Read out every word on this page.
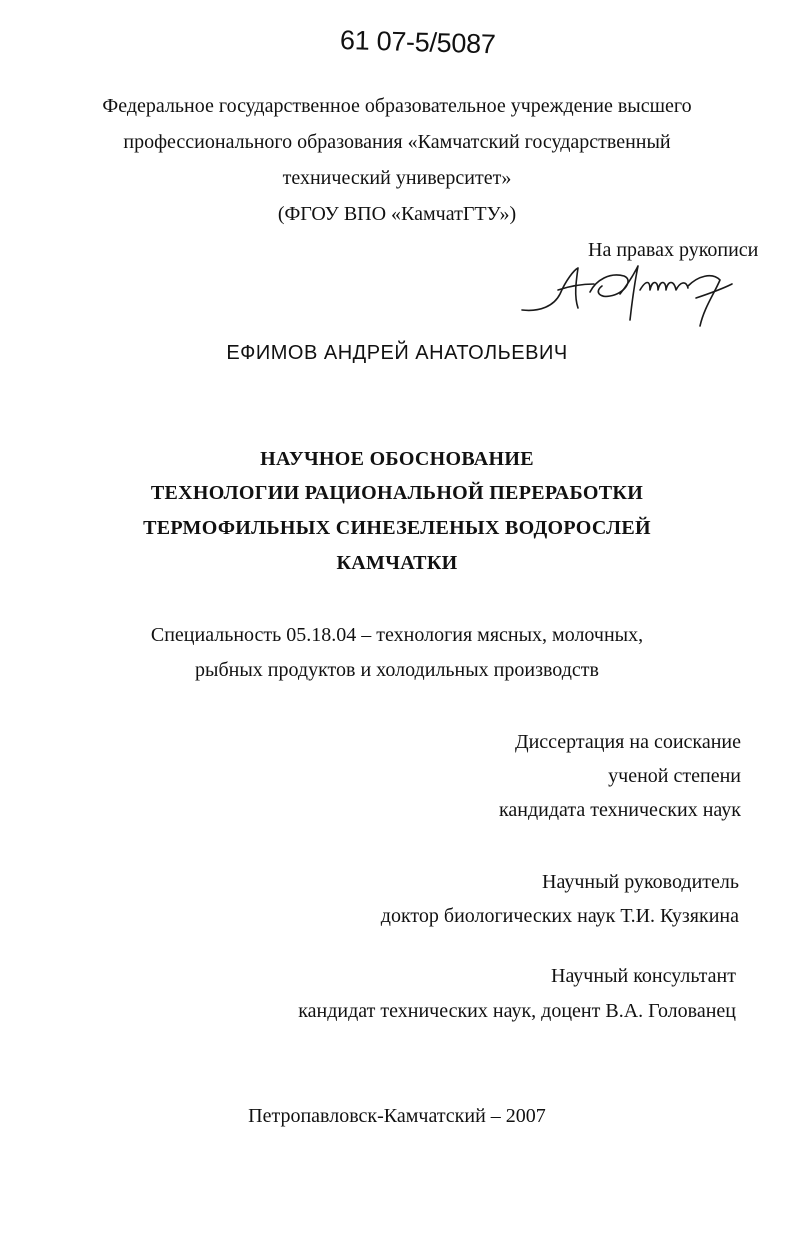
61 07-5/5087
Федеральное государственное образовательное учреждение высшего
профессионального образования «Камчатский государственный
технический университет»
(ФГОУ ВПО «КамчатГТУ»)
На правах рукописи
ЕФИМОВ АНДРЕЙ АНАТОЛЬЕВИЧ
НАУЧНОЕ ОБОСНОВАНИЕ
ТЕХНОЛОГИИ РАЦИОНАЛЬНОЙ ПЕРЕРАБОТКИ
ТЕРМОФИЛЬНЫХ СИНЕЗЕЛЕНЫХ ВОДОРОСЛЕЙ
КАМЧАТКИ
Специальность 05.18.04 – технология мясных, молочных,
рыбных продуктов и холодильных производств
Диссертация на соискание
ученой степени
кандидата технических наук
Научный руководитель
доктор биологических наук Т.И. Кузякина
Научный консультант
кандидат технических наук, доцент В.А. Голованец
Петропавловск-Камчатский – 2007
